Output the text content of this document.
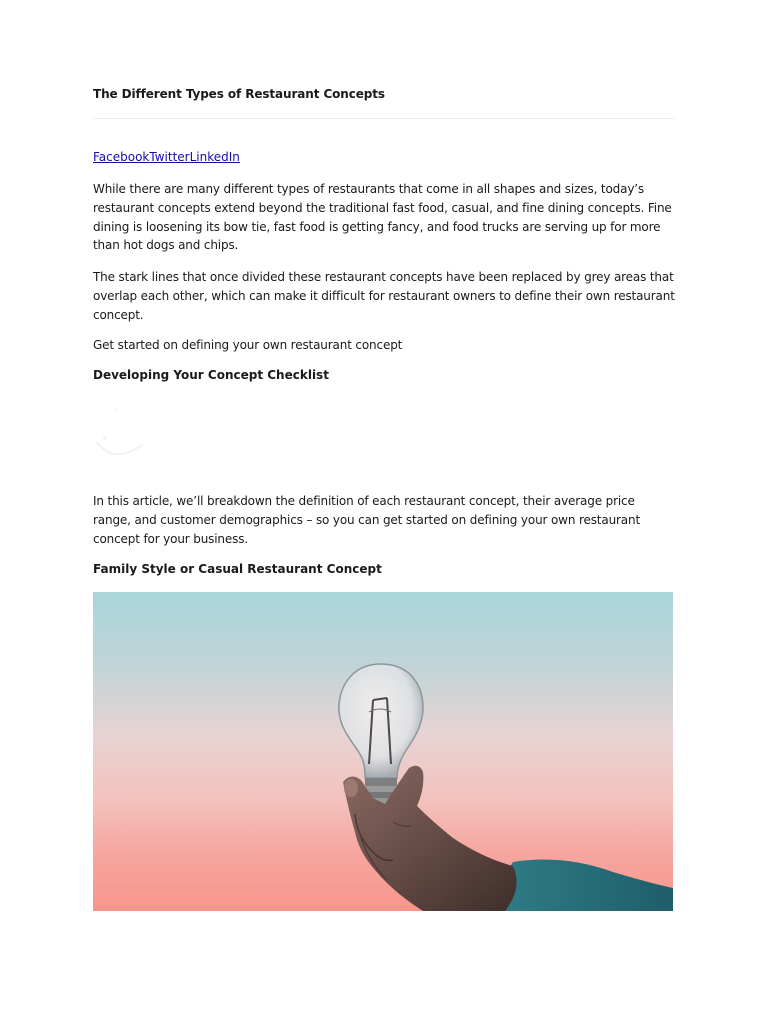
The Different Types of Restaurant Concepts
FacebookTwitterLinkedIn

While there are many different types of restaurants that come in all shapes and sizes, today’s restaurant concepts extend beyond the traditional fast food, casual, and fine dining concepts. Fine dining is loosening its bow tie, fast food is getting fancy, and food trucks are serving up for more than hot dogs and chips.

The stark lines that once divided these restaurant concepts have been replaced by grey areas that overlap each other, which can make it difficult for restaurant owners to define their own restaurant concept.

Get started on defining your own restaurant concept

Developing Your Concept Checklist

In this article, we’ll breakdown the definition of each restaurant concept, their average price range, and customer demographics – so you can get started on defining your own restaurant concept for your business.

Family Style or Casual Restaurant Concept
